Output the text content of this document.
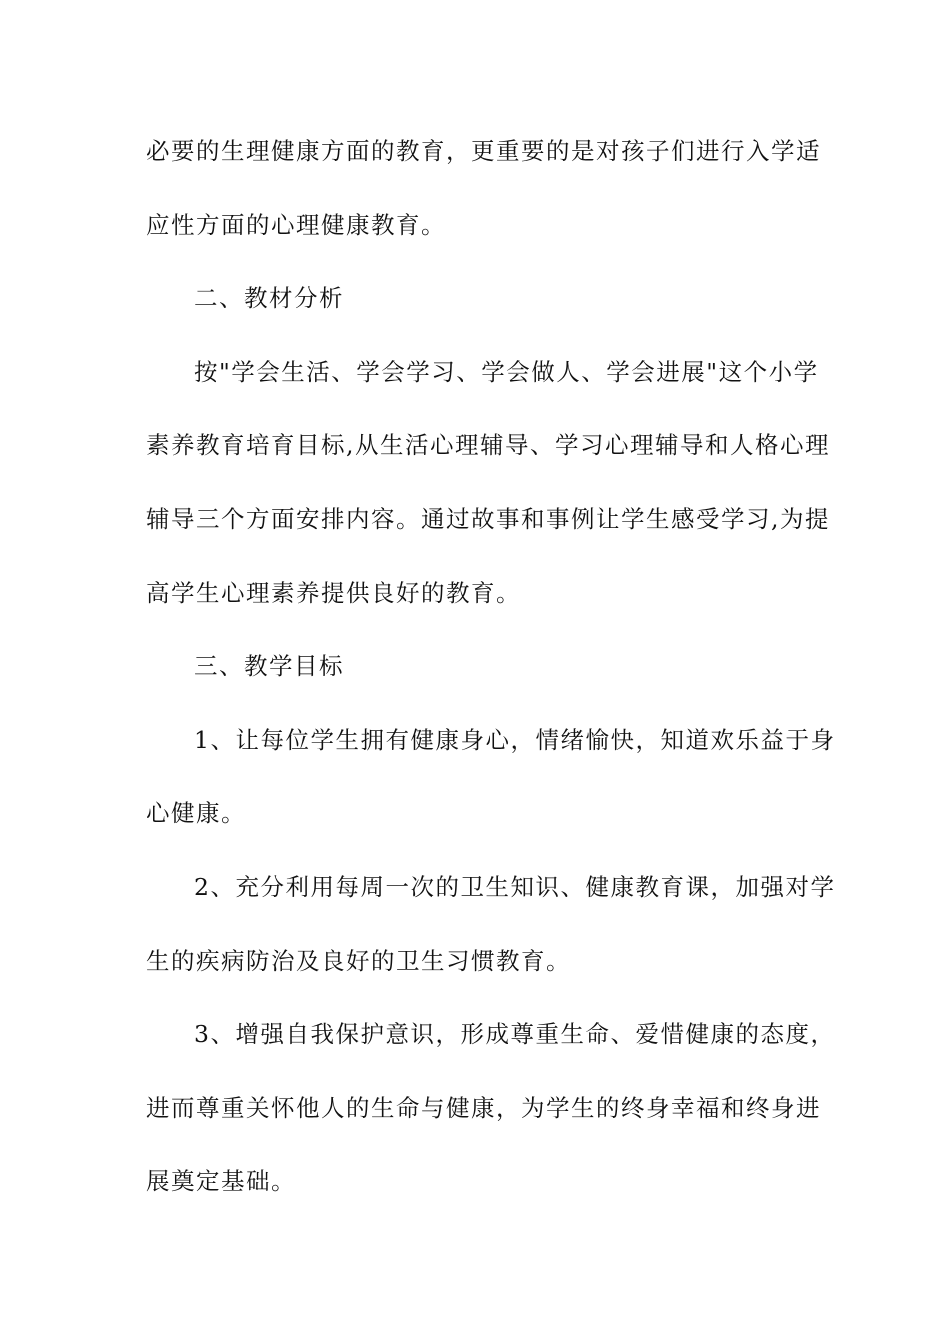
必要的生理健康方面的教育，更重要的是对孩子们进行入学适
应性方面的心理健康教育。
二、教材分析
按"学会生活、学会学习、学会做人、学会进展"这个小学
素养教育培育目标,从生活心理辅导、学习心理辅导和人格心理
辅导三个方面安排内容。通过故事和事例让学生感受学习,为提
高学生心理素养提供良好的教育。
三、教学目标
1、让每位学生拥有健康身心，情绪愉快，知道欢乐益于身
心健康。
2、充分利用每周一次的卫生知识、健康教育课，加强对学
生的疾病防治及良好的卫生习惯教育。
3、增强自我保护意识，形成尊重生命、爱惜健康的态度，
进而尊重关怀他人的生命与健康，为学生的终身幸福和终身进
展奠定基础。
